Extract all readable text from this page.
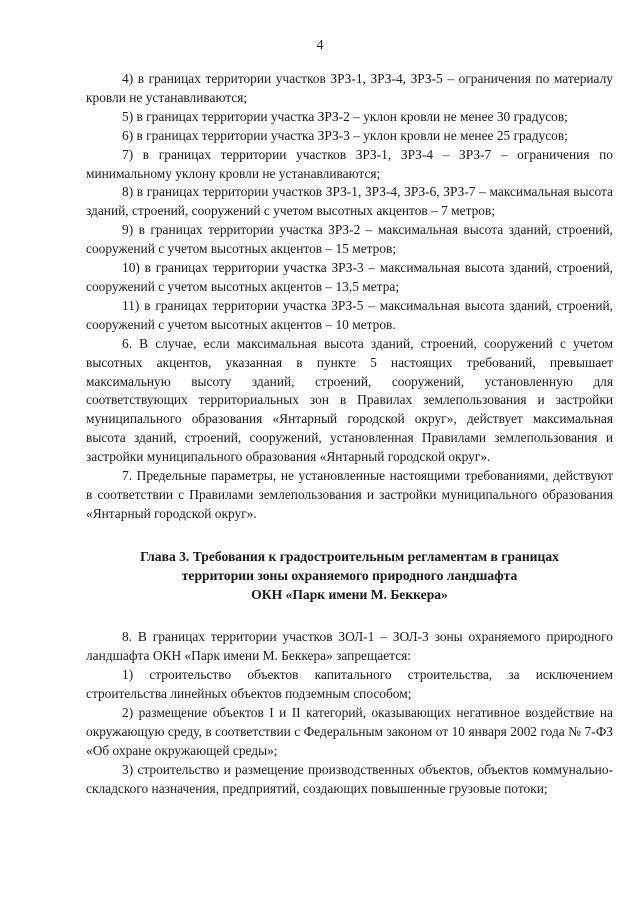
4

4) в границах территории участков ЗРЗ-1, ЗРЗ-4, ЗРЗ-5 – ограничения по материалу кровли не устанавливаются;

5) в границах территории участка ЗРЗ-2 – уклон кровли не менее 30 градусов;

6) в границах территории участка ЗРЗ-3 – уклон кровли не менее 25 градусов;

7) в границах территории участков ЗРЗ-1, ЗРЗ-4 – ЗРЗ-7 – ограничения по минимальному уклону кровли не устанавливаются;

8) в границах территории участков ЗРЗ-1, ЗРЗ-4, ЗРЗ-6, ЗРЗ-7 – максимальная высота зданий, строений, сооружений с учетом высотных акцентов – 7 метров;

9) в границах территории участка ЗРЗ-2 – максимальная высота зданий, строений, сооружений с учетом высотных акцентов – 15 метров;

10) в границах территории участка ЗРЗ-3 – максимальная высота зданий, строений, сооружений с учетом высотных акцентов – 13,5 метра;

11) в границах территории участка ЗРЗ-5 – максимальная высота зданий, строений, сооружений с учетом высотных акцентов – 10 метров.

6. В случае, если максимальная высота зданий, строений, сооружений с учетом высотных акцентов, указанная в пункте 5 настоящих требований, превышает максимальную высоту зданий, строений, сооружений, установленную для соответствующих территориальных зон в Правилах землепользования и застройки муниципального образования «Янтарный городской округ», действует максимальная высота зданий, строений, сооружений, установленная Правилами землепользования и застройки муниципального образования «Янтарный городской округ».

7. Предельные параметры, не установленные настоящими требованиями, действуют в соответствии с Правилами землепользования и застройки муниципального образования «Янтарный городской округ».

Глава 3. Требования к градостроительным регламентам в границах
территории зоны охраняемого природного ландшафта
ОКН «Парк имени М. Беккера»

8. В границах территории участков ЗОЛ-1 – ЗОЛ-3 зоны охраняемого природного ландшафта ОКН «Парк имени М. Беккера» запрещается:

1) строительство объектов капитального строительства, за исключением строительства линейных объектов подземным способом;

2) размещение объектов I и II категорий, оказывающих негативное воздействие на окружающую среду, в соответствии с Федеральным законом от 10 января 2002 года № 7-ФЗ «Об охране окружающей среды»;

3) строительство и размещение производственных объектов, объектов коммунально-складского назначения, предприятий, создающих повышенные грузовые потоки;
